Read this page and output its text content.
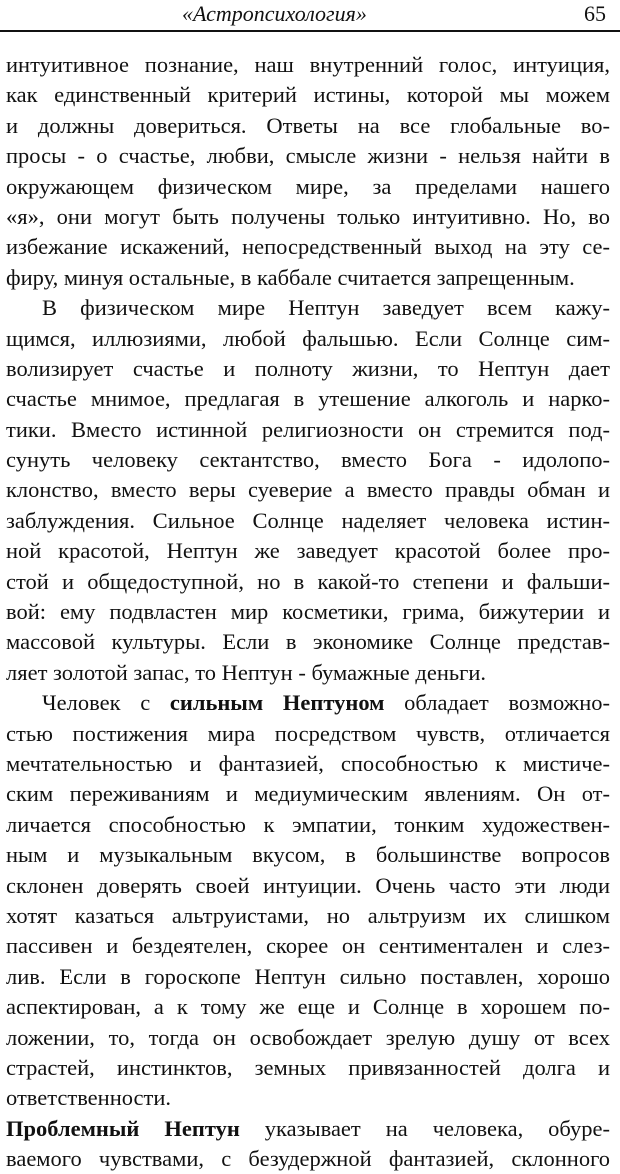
«Астропсихология»	65
интуитивное познание, наш внутренний голос, интуиция,
как единственный критерий истины, которой мы можем
и должны довериться. Ответы на все глобальные во-
просы - о счастье, любви, смысле жизни - нельзя найти в
окружающем физическом мире, за пределами нашего
«я», они могут быть получены только интуитивно. Но, во
избежание искажений, непосредственный выход на эту се-
фиру, минуя остальные, в каббале считается запрещенным.
В физическом мире Нептун заведует всем кажу-
щимся, иллюзиями, любой фальшью. Если Солнце сим-
волизирует счастье и полноту жизни, то Нептун дает
счастье мнимое, предлагая в утешение алкоголь и нарко-
тики. Вместо истинной религиозности он стремится под-
сунуть человеку сектантство, вместо Бога - идолопо-
клонство, вместо веры суеверие а вместо правды обман и
заблуждения. Сильное Солнце наделяет человека истин-
ной красотой, Нептун же заведует красотой более про-
стой и общедоступной, но в какой-то степени и фальши-
вой: ему подвластен мир косметики, грима, бижутерии и
массовой культуры. Если в экономике Солнце представ-
ляет золотой запас, то Нептун - бумажные деньги.
Человек с сильным Нептуном обладает возможно-
стью постижения мира посредством чувств, отличается
мечтательностью и фантазией, способностью к мистиче-
ским переживаниям и медиумическим явлениям. Он от-
личается способностью к эмпатии, тонким художествен-
ным и музыкальным вкусом, в большинстве вопросов
склонен доверять своей интуиции. Очень часто эти люди
хотят казаться альтруистами, но альтруизм их слишком
пассивен и бездеятелен, скорее он сентиментален и слез-
лив. Если в гороскопе Нептун сильно поставлен, хорошо
аспектирован, а к тому же еще и Солнце в хорошем по-
ложении, то, тогда он освобождает зрелую душу от всех
страстей, инстинктов, земных привязанностей долга и
ответственности.
Проблемный Нептун указывает на человека, обуре-
ваемого чувствами, с безудержной фантазией, склонного
